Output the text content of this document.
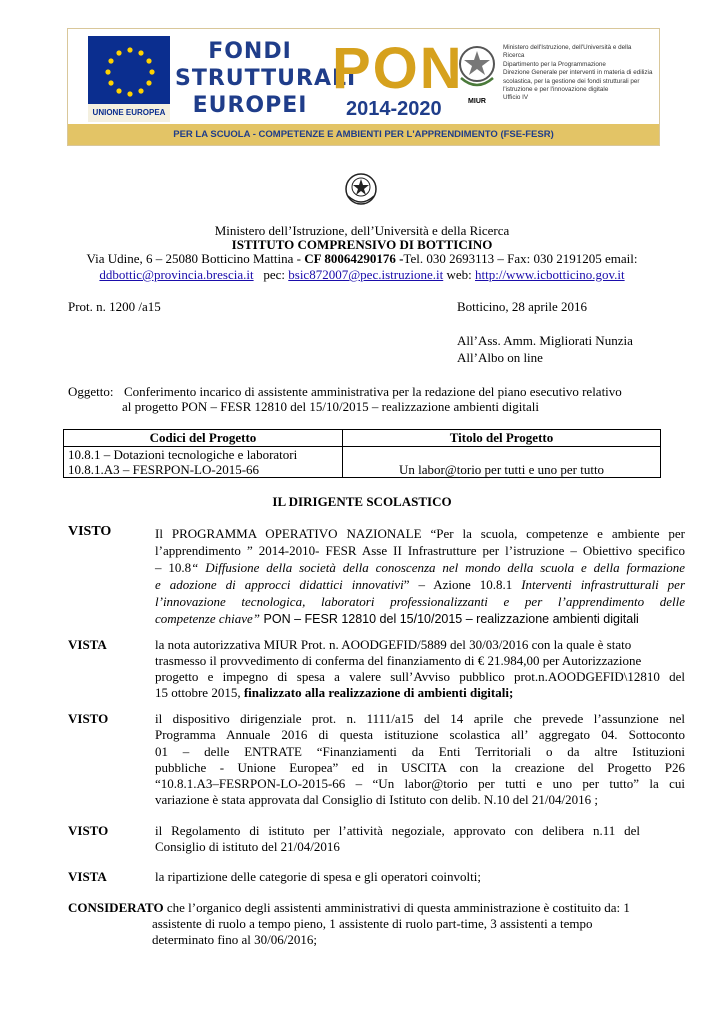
UNIONE EUROPEA
FONDI
STRUTTURALI
EUROPEI
PON
2014-2020	MIUR
Ministero dell'Istruzione, dell'Università e della Ricerca
Dipartimento per la Programmazione
Direzione Generale per interventi in materia di edilizia
scolastica, per la gestione dei fondi strutturali per
l'istruzione e per l'innovazione digitale
Ufficio IV
PER LA SCUOLA - COMPETENZE E AMBIENTI PER L'APPRENDIMENTO (FSE-FESR)
Ministero dell’Istruzione, dell’Università e della Ricerca
ISTITUTO COMPRENSIVO DI BOTTICINO
Via Udine, 6 – 25080 Botticino Mattina - CF 80064290176 -Tel. 030 2693113 – Fax: 030 2191205 email:
ddbottic@provincia.brescia.it pec: bsic872007@pec.istruzione.it web: http://www.icbotticino.gov.it
Prot. n. 1200 /a15	Botticino, 28 aprile 2016
All’Ass. Amm. Migliorati Nunzia
All’Albo on line
Oggetto: Conferimento incarico di assistente amministrativa per la redazione del piano esecutivo relativo
al progetto PON – FESR 12810 del 15/10/2015 – realizzazione ambienti digitali
Codici del Progetto	Titolo del Progetto

10.8.1 – Dotazioni tecnologiche e laboratori
10.8.1.A3 – FESRPON-LO-2015-66	Un labor@torio per tutti e uno per tutto
IL DIRIGENTE SCOLASTICO
VISTO	Il PROGRAMMA OPERATIVO NAZIONALE “Per la scuola, competenze e ambiente per
l’apprendimento ” 2014-2010- FESR Asse II Infrastrutture per l’istruzione – Obiettivo specifico
– 10.8“ Diffusione della società della conoscenza nel mondo della scuola e della formazione
e adozione di approcci didattici innovativi” – Azione 10.8.1 Interventi infrastrutturali per
l’innovazione tecnologica, laboratori professionalizzanti e per l’apprendimento delle
competenze chiave” PON – FESR 12810 del 15/10/2015 – realizzazione ambienti digitali
VISTA	la nota autorizzativa MIUR Prot. n. AOODGEFID/5889 del 30/03/2016 con la quale è stato
trasmesso il provvedimento di conferma del finanziamento di € 21.984,00 per Autorizzazione
progetto e impegno di spesa a valere sull’Avviso pubblico prot.n.AOODGEFID\12810 del
15 ottobre 2015, finalizzato alla realizzazione di ambienti digitali;
VISTO	il dispositivo dirigenziale prot. n. 1111/a15 del 14 aprile che prevede l’assunzione nel
Programma Annuale 2016 di questa istituzione scolastica all’ aggregato 04. Sottoconto
01 – delle ENTRATE “Finanziamenti da Enti Territoriali o da altre Istituzioni
pubbliche - Unione Europea” ed in USCITA con la creazione del Progetto P26
“10.8.1.A3–FESRPON-LO-2015-66 – “Un labor@torio per tutti e uno per tutto” la cui
variazione è stata approvata dal Consiglio di Istituto con delib. N.10 del 21/04/2016 ;
VISTO	il Regolamento di istituto per l’attività negoziale, approvato con delibera n.11 del
Consiglio di istituto del 21/04/2016
VISTA	la ripartizione delle categorie di spesa e gli operatori coinvolti;
CONSIDERATO che l’organico degli assistenti amministrativi di questa amministrazione è costituito da: 1
assistente di ruolo a tempo pieno, 1 assistente di ruolo part-time, 3 assistenti a tempo
determinato fino al 30/06/2016;
